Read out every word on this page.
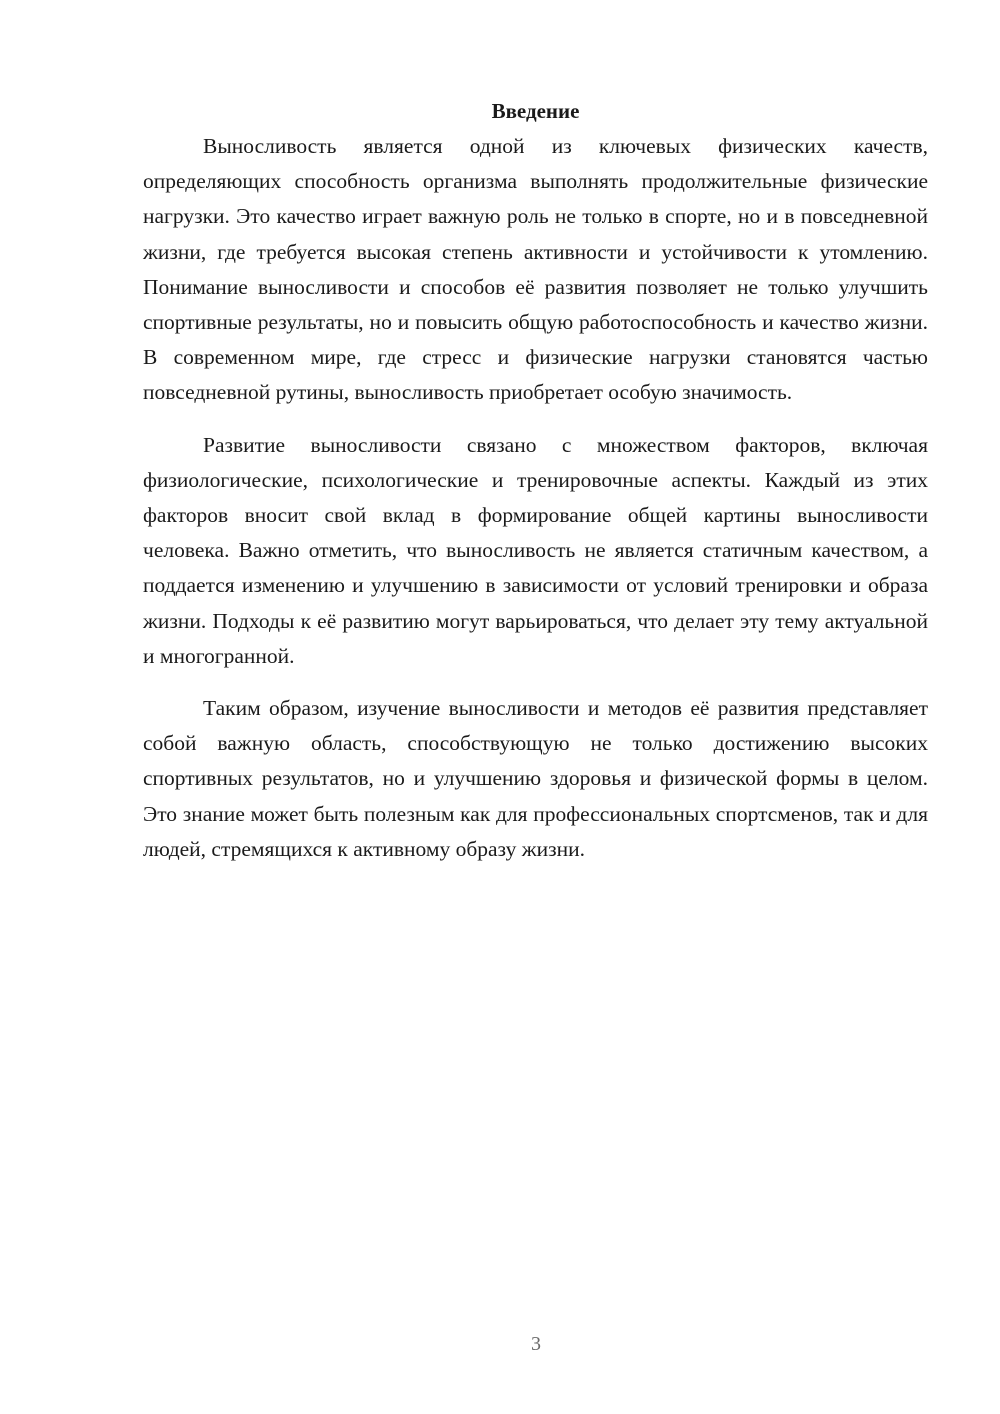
Введение

Выносливость является одной из ключевых физических качеств, определяющих способность организма выполнять продолжительные физические нагрузки. Это качество играет важную роль не только в спорте, но и в повседневной жизни, где требуется высокая степень активности и устойчивости к утомлению. Понимание выносливости и способов её развития позволяет не только улучшить спортивные результаты, но и повысить общую работоспособность и качество жизни. В современном мире, где стресс и физические нагрузки становятся частью повседневной рутины, выносливость приобретает особую значимость.

Развитие выносливости связано с множеством факторов, включая физиологические, психологические и тренировочные аспекты. Каждый из этих факторов вносит свой вклад в формирование общей картины выносливости человека. Важно отметить, что выносливость не является статичным качеством, а поддается изменению и улучшению в зависимости от условий тренировки и образа жизни. Подходы к её развитию могут варьироваться, что делает эту тему актуальной и многогранной.

Таким образом, изучение выносливости и методов её развития представляет собой важную область, способствующую не только достижению высоких спортивных результатов, но и улучшению здоровья и физической формы в целом. Это знание может быть полезным как для профессиональных спортсменов, так и для людей, стремящихся к активному образу жизни.

3
